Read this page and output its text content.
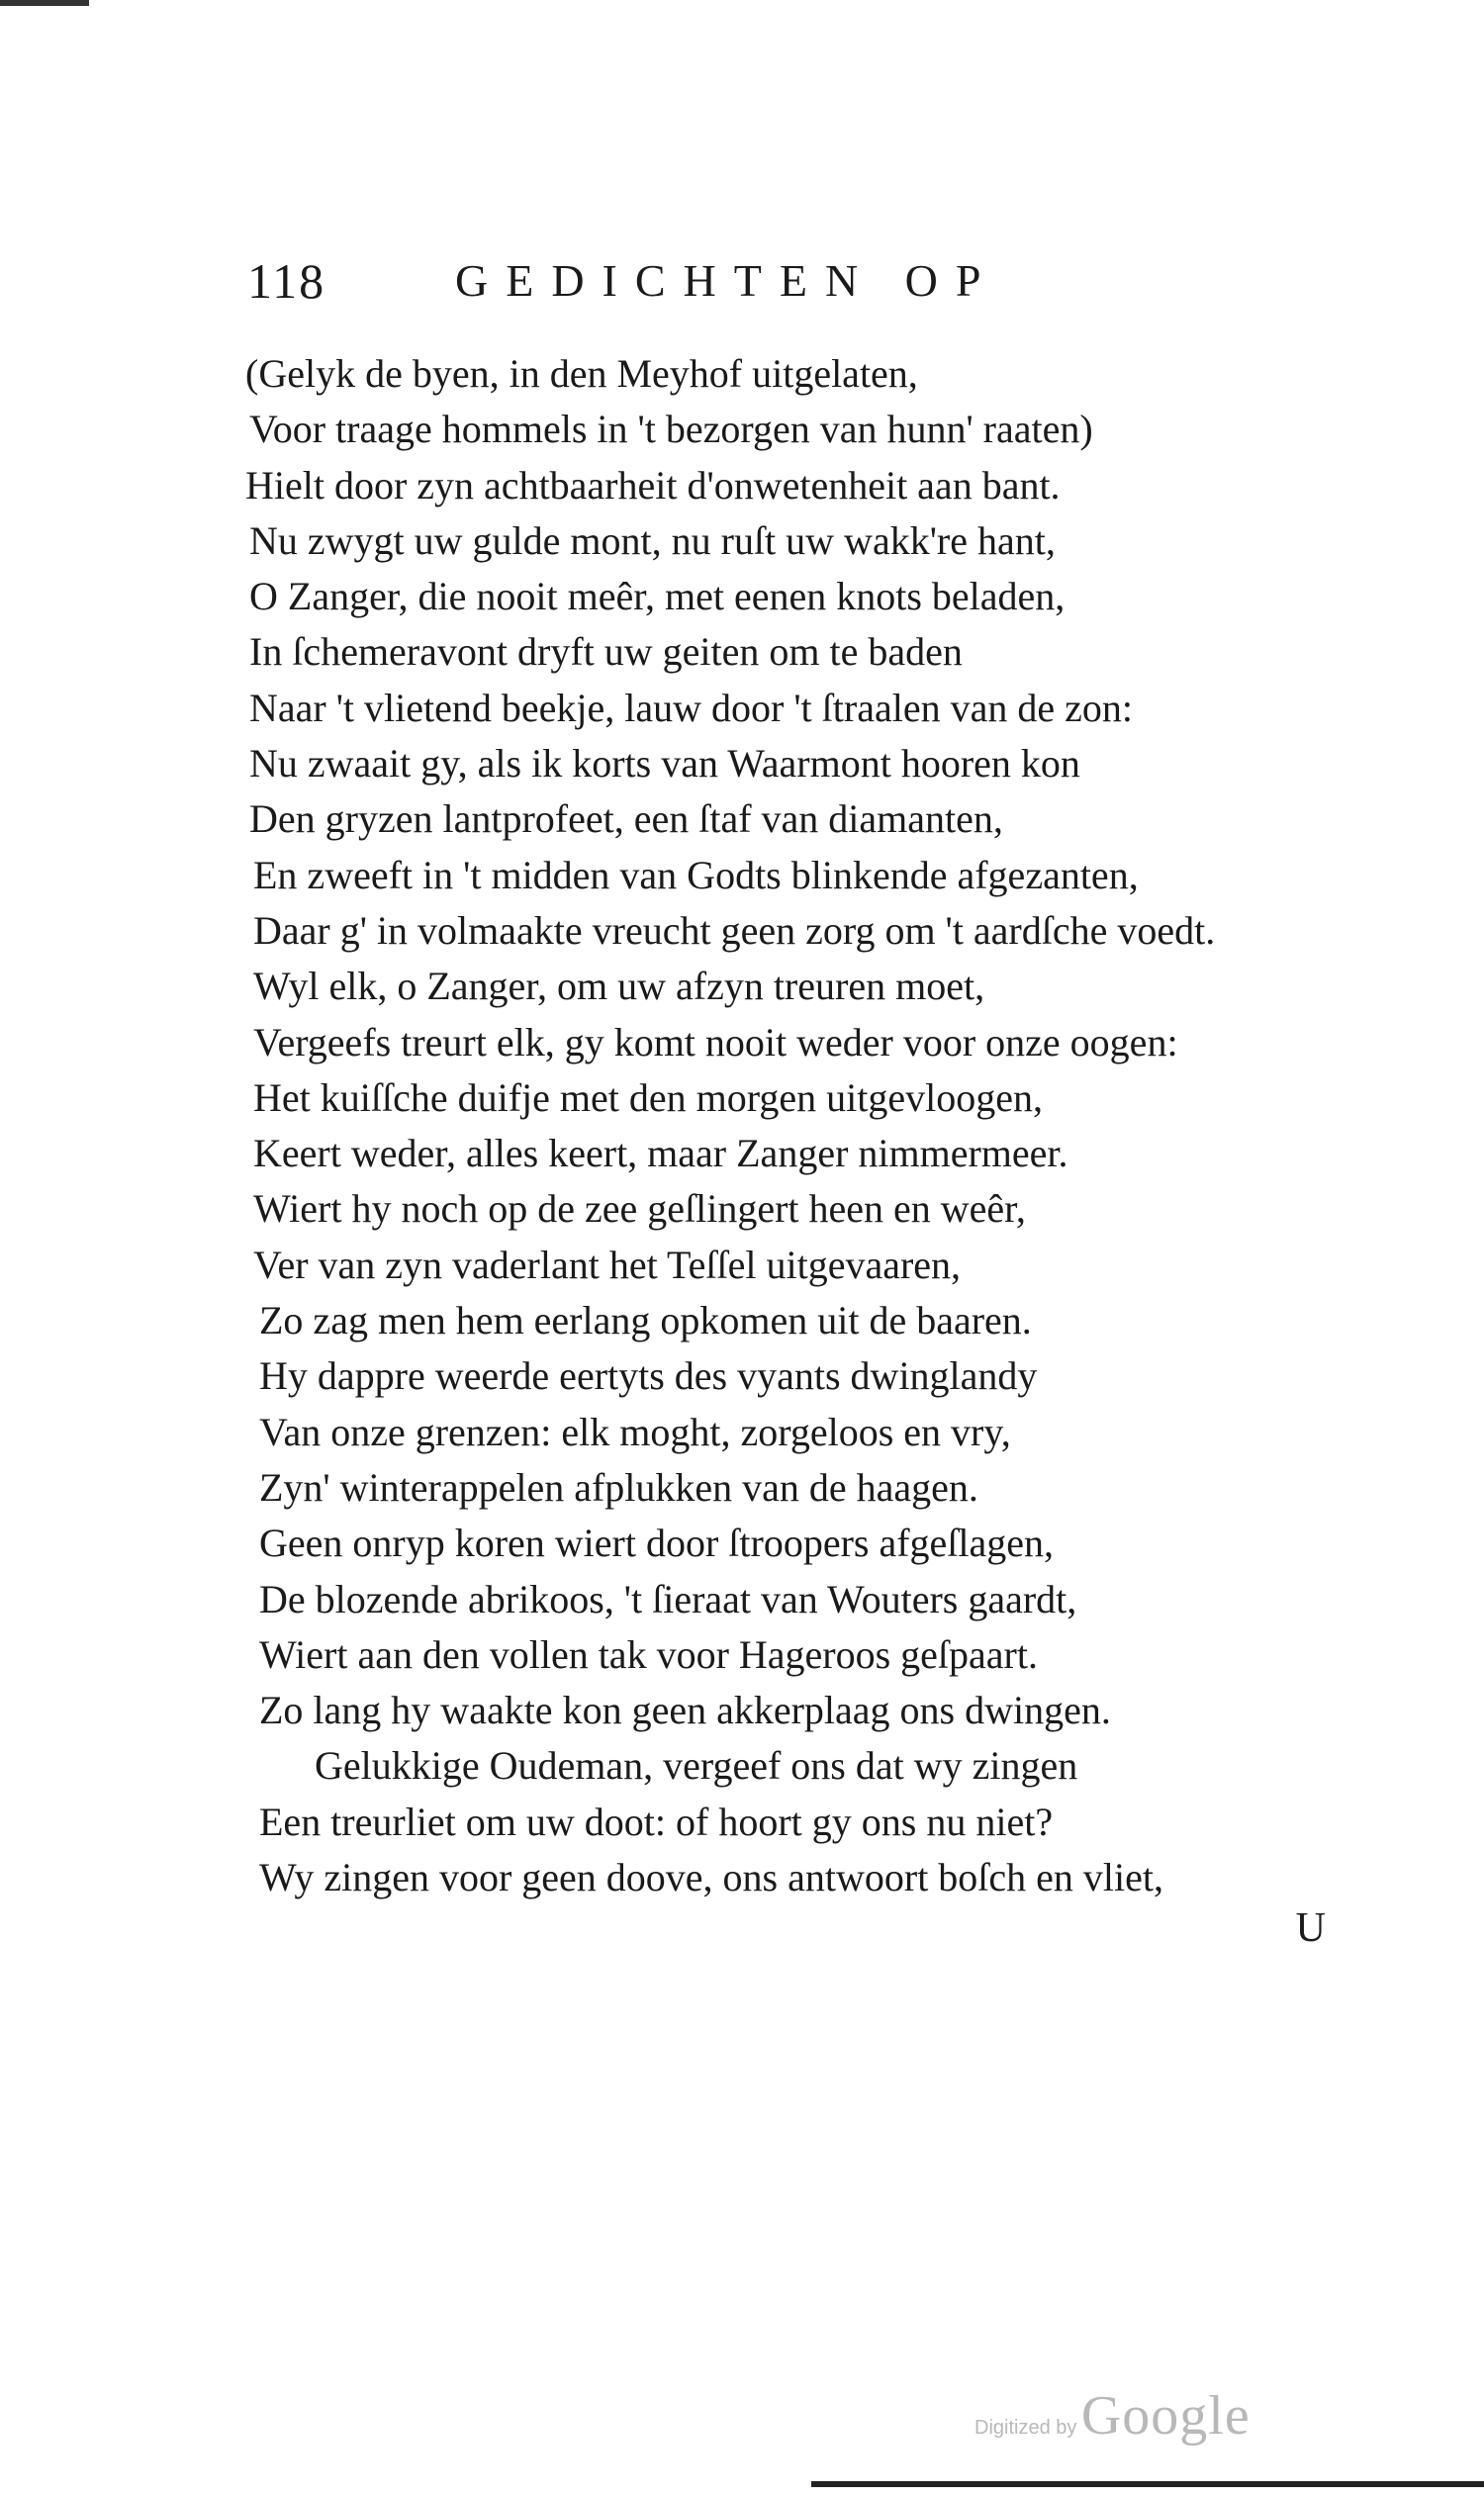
118	GEDICHTEN OP
(Gelyk de byen, in den Meyhof uitgelaten,
Voor traage hommels in 't bezorgen van hunn' raaten)
Hielt door zyn achtbaarheit d'onwetenheit aan bant.
Nu zwygt uw gulde mont, nu ruſt uw wakk're hant,
O Zanger, die nooit meêr, met eenen knots beladen,
In ſchemeravont dryft uw geiten om te baden
Naar 't vlietend beekje, lauw door 't ſtraalen van de zon:
Nu zwaait gy, als ik korts van Waarmont hooren kon
Den gryzen lantprofeet, een ſtaf van diamanten,
En zweeft in 't midden van Godts blinkende afgezanten,
Daar g' in volmaakte vreucht geen zorg om 't aardſche voedt.
Wyl elk, o Zanger, om uw afzyn treuren moet,
Vergeefs treurt elk, gy komt nooit weder voor onze oogen:
Het kuiſſche duifje met den morgen uitgevloogen,
Keert weder, alles keert, maar Zanger nimmermeer.
Wiert hy noch op de zee geſlingert heen en weêr,
Ver van zyn vaderlant het Teſſel uitgevaaren,
Zo zag men hem eerlang opkomen uit de baaren.
Hy dappre weerde eertyts des vyants dwinglandy
Van onze grenzen: elk moght, zorgeloos en vry,
Zyn' winterappelen afplukken van de haagen.
Geen onryp koren wiert door ſtroopers afgeſlagen,
De blozende abrikoos, 't ſieraat van Wouters gaardt,
Wiert aan den vollen tak voor Hageroos geſpaart.
Zo lang hy waakte kon geen akkerplaag ons dwingen.
Gelukkige Oudeman, vergeef ons dat wy zingen
Een treurliet om uw doot: of hoort gy ons nu niet?
Wy zingen voor geen doove, ons antwoort boſch en vliet,
U
Digitized by Google
